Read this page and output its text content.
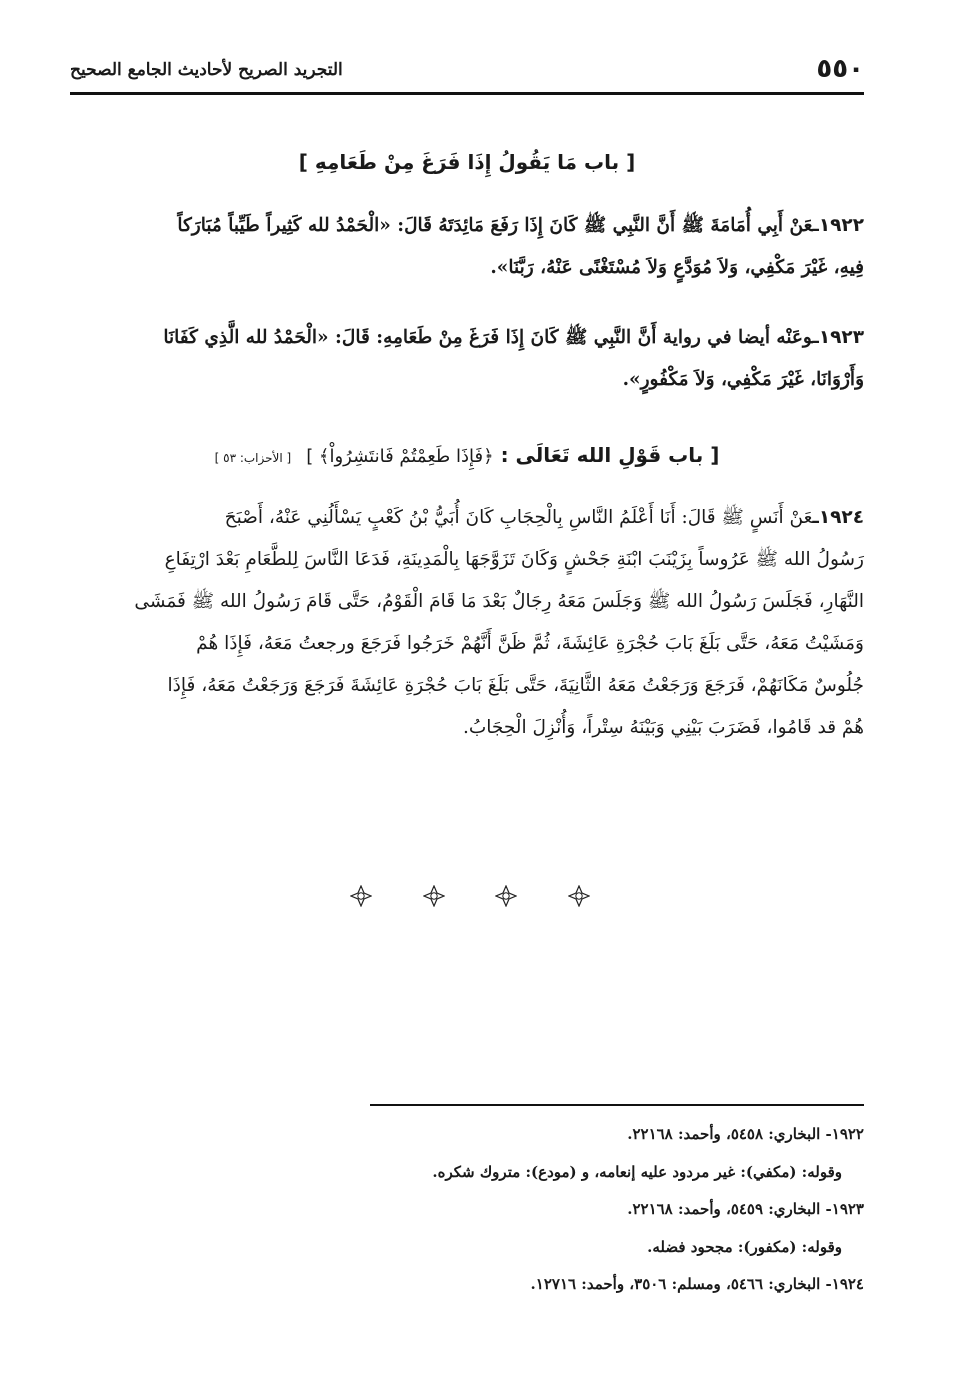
٥٥٠
التجريد الصريح لأحاديث الجامع الصحيح
[ باب مَا يَقُولُ إِذَا فَرَغَ مِنْ طَعَامِهِ ]
١٩٢٢ـعَنْ أَبِي أُمَامَةَ ﷺ أَنَّ النَّبِي ﷺ كَانَ إِذَا رَفَعَ مَائِدَتَهُ قَالَ: «الْحَمْدُ لله كَثِيراً طَيِّباً مُبَارَكاً
فِيهِ، غَيْرَ مَكْفِي، وَلاَ مُوَدَّعٍ وَلاَ مُسْتَغْنًى عَنْهُ، رَبَّنَا».
١٩٢٣ـوعَنْه أيضا في رواية أَنَّ النَّبِي ﷺ كَانَ إِذَا فَرَغَ مِنْ طَعَامِهِ: قَالَ: «الْحَمْدُ لله الَّذِي كَفَانَا
وَأَرْوَانَا، غَيْرَ مَكْفِي، وَلاَ مَكْفُورٍ».
[ باب قَوْلِ الله تَعَالَى : ﴿فَإِذَا طَعِمْتُمْ فَانتَشِرُواْ﴾ ] [ الأحزاب: ٥٣ ]
١٩٢٤ـعَنْ أَنَسٍ ﷺ قَالَ: أَنَا أَعْلَمُ النَّاسِ بِالْحِجَابِ كَانَ أُبَيُّ بْنُ كَعْبٍ يَسْأَلُنِي عَنْهُ، أَصْبَحَ
رَسُولُ الله ﷺ عَرُوساً بِزَيْنَبَ ابْنَةِ جَحْشٍ وَكَانَ تَزَوَّجَهَا بِالْمَدِينَةِ، فَدَعَا النَّاسَ لِلطَّعَامِ بَعْدَ ارْتِفَاعِ
النَّهَارِ، فَجَلَسَ رَسُولُ الله ﷺ وَجَلَسَ مَعَهُ رِجَالٌ بَعْدَ مَا قَامَ الْقَوْمُ، حَتَّى قَامَ رَسُولُ الله ﷺ فَمَشَى
وَمَشَيْتُ مَعَهُ، حَتَّى بَلَغَ بَابَ حُجْرَةِ عَائِشَةَ، ثُمَّ ظَنَّ أَنَّهُمْ خَرَجُوا فَرَجَعَ ورجعتُ مَعَهُ، فَإِذَا هُمْ
جُلُوسٌ مَكَانَهُمْ، فَرَجَعَ وَرَجَعْتُ مَعَهُ الثَّانِيَةَ، حَتَّى بَلَغَ بَابَ حُجْرَةِ عَائِشَةَ فَرَجَعَ وَرَجَعْتُ مَعَهُ، فَإِذَا
هُمْ قد قَامُوا، فَضَرَبَ بَيْنِي وَبَيْنَهُ سِتْراً، وَأُنْزِلَ الْحِجَابُ.
١٩٢٢- البخاري: ٥٤٥٨، وأحمد: ٢٢١٦٨.
وقوله: (مكفي): غير مردود عليه إنعامه، و (مودع): متروك شكره.
١٩٢٣- البخاري: ٥٤٥٩، وأحمد: ٢٢١٦٨.
وقوله: (مكفور): مجحود فضله.
١٩٢٤- البخاري: ٥٤٦٦، ومسلم: ٣٥٠٦، وأحمد: ١٢٧١٦.
